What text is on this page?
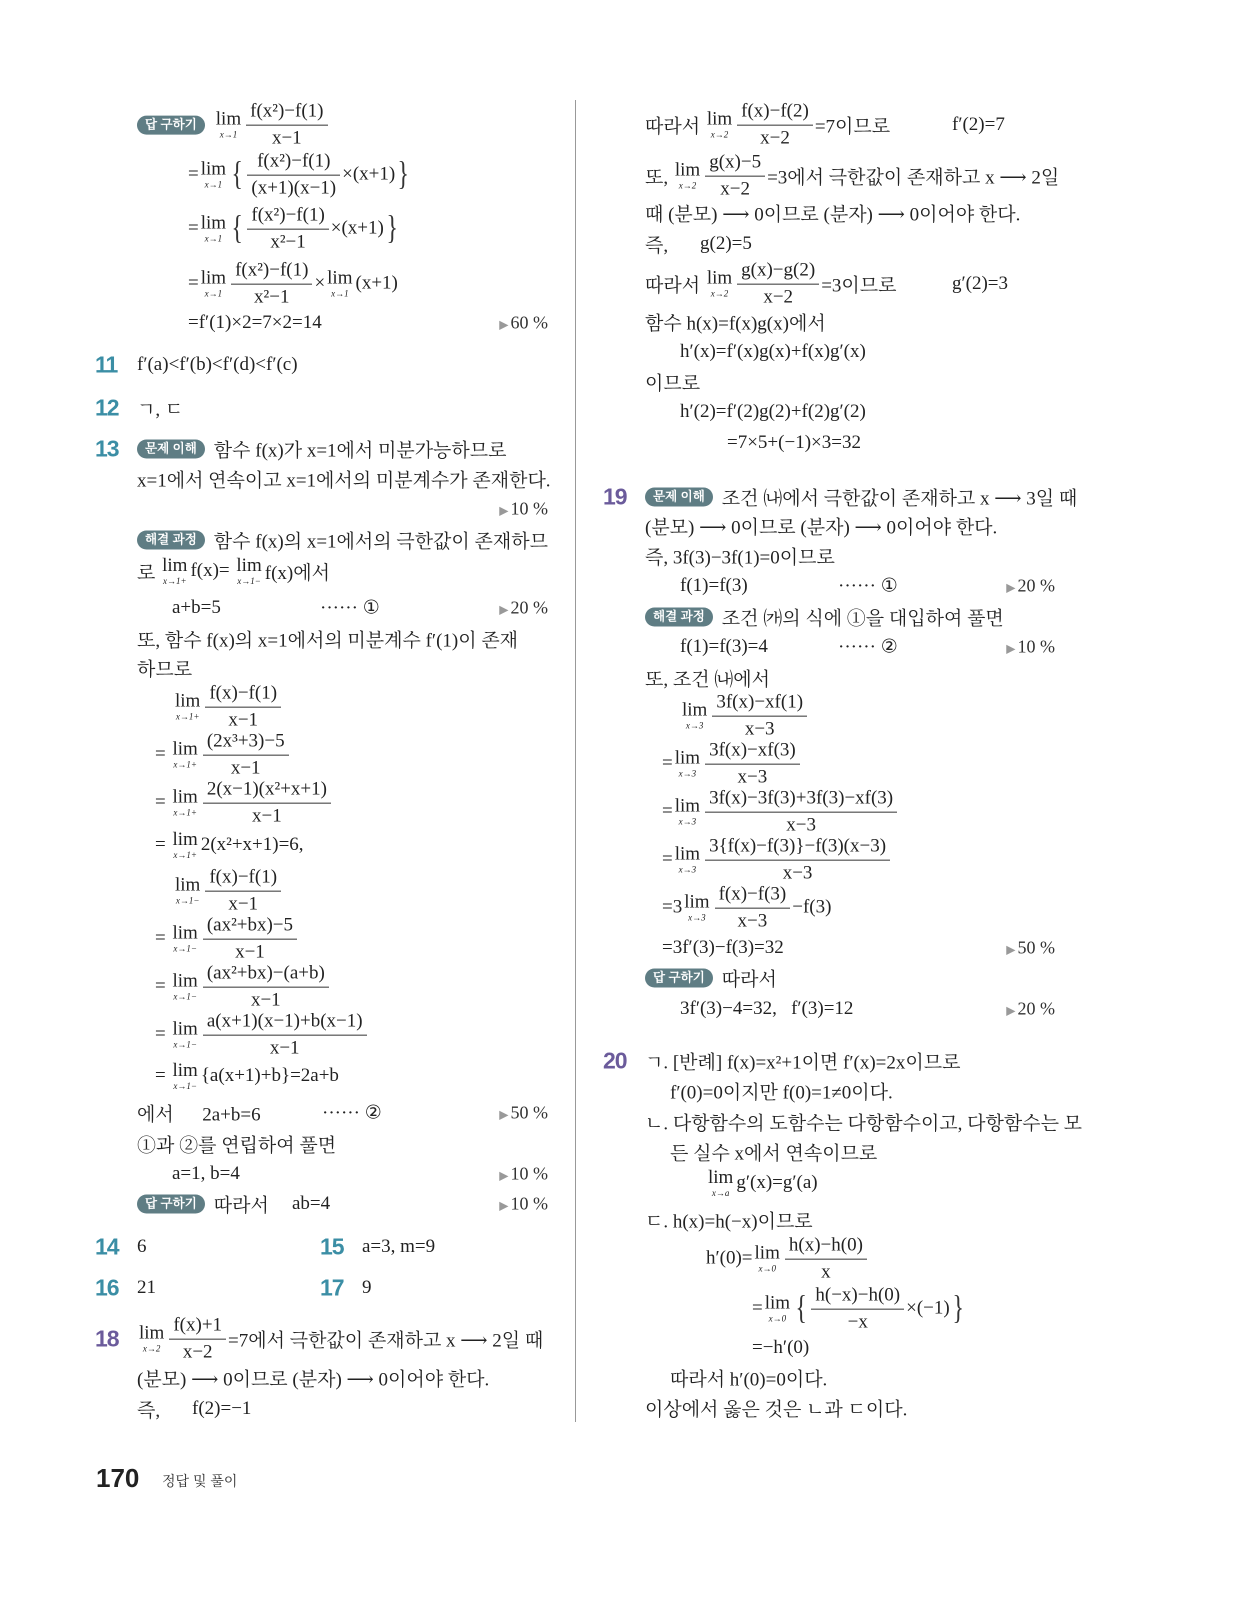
답 구하기	lim
$x\to 1 \frac{\text{f(x²)−f(1)}}{x-1}$
= lim
x→1 { $\frac{\text{f(x²)−f(1)}}{(x+1)(x-1)} \times(x+1)$ }
= lim
x→1 { $\frac{\text{f(x²)−f(1)}}{\text{x²−1}} \times(x+1)$ }
= lim
$x\to 1 \frac{\text{f(x²)−f(1)}}{\text{x²−1}} \times \lim$
x→1 (x+1)
=f′(1)×2=7×2=14	▶ 60 %
11 f′(a)<f′(b)<f′(d)<f′(c)
12 ㄱ, ㄷ
13	문제 이해 함수 f(x)가 x=1에서 미분가능하므로
x=1에서 연속이고 x=1에서의 미분계수가 존재한다.
▶ 10 %
해결 과정 함수 f(x)의 x=1에서의 극한값이 존재하므
로 lim
x→1+ f(x)= lim
x→1− f(x)에서
a+b=5	······ ①	▶ 20 %
또, 함수 f(x)의 x=1에서의 미분계수 f′(1)이 존재
하므로
lim
$x\to 1+ \frac{f(x)-f(1)}{x-1}$
= lim
$x\to 1+ \frac{\text{(2x³+3)−5}}{x-1}$
= lim
$x\to 1+ \frac{\text{2(x−1)(x²+x+1)}}{x-1}$
= lim
x→1+ 2(x²+x+1)=6,
lim
$x\to 1- \frac{f(x)-f(1)}{x-1}$
= lim
$x\to 1- \frac{\text{(ax²+bx)−5}}{x-1}$
= lim
$x\to 1- \frac{\text{(ax²+bx)−(a+b)}}{x-1}$
= lim
$x\to 1- \frac{a(x+1)(x-1)+b(x-1)}{x-1}$
= lim
x→1− {a(x+1)+b}=2a+b
에서      2a+b=6	······ ②	▶ 50 %
①과 ②를 연립하여 풀면
a=1, b=4	▶ 10 %
답 구하기 따라서 ab=4	▶ 10 %
14 6	15 a=3, m=9
16 21	17 9
18 lim
$x\to 2 \frac{f(x)+1}{x-2} =7$에서 극한값이 존재하고 x ⟶ 2일 때
(분모) ⟶ 0이므로 (분자) ⟶ 0이어야 한다.
즉, f(2)=−1
따라서 lim
$x\to 2 \frac{f(x)-f(2)}{x-2} =7$이므로	f′(2)=7
또, lim
$x\to 2 \frac{g(x)-5}{x-2} =3$에서 극한값이 존재하고 x ⟶ 2일
때 (분모) ⟶ 0이므로 (분자) ⟶ 0이어야 한다.
즉, g(2)=5
따라서 lim
$x\to 2 \frac{g(x)-g(2)}{x-2} =3$이므로	g′(2)=3
함수 h(x)=f(x)g(x)에서
h′(x)=f′(x)g(x)+f(x)g′(x)
이므로
h′(2)=f′(2)g(2)+f(2)g′(2)
=7×5+(−1)×3=32
19	문제 이해 조건 ㈏에서 극한값이 존재하고 x ⟶ 3일 때
(분모) ⟶ 0이므로 (분자) ⟶ 0이어야 한다.
즉, 3f(3)−3f(1)=0이므로
f(1)=f(3)	······ ①	▶ 20 %
해결 과정 조건 ㈎의 식에 ①을 대입하여 풀면
f(1)=f(3)=4	······ ②	▶ 10 %
또, 조건 ㈏에서
lim
$x\to 3 \frac{3f(x)-xf(1)}{x-3}$
= lim
$x\to 3 \frac{3f(x)-xf(3)}{x-3}$
= lim
$x\to 3 \frac{3f(x)-3f(3)+3f(3)-xf(3)}{x-3}$
= lim
$x\to 3 \frac{3\{f(x)-f(3)\}-f(3)(x-3)}{x-3}$
=3 lim
$x\to 3 \frac{f(x)-f(3)}{x-3} -f(3)$
=3f′(3)−f(3)=32	▶ 50 %
답 구하기 따라서
3f′(3)−4=32,   f′(3)=12	▶ 20 %
20 ㄱ. [반례] f(x)=x²+1이면 f′(x)=2x이므로
f′(0)=0이지만 f(0)=1≠0이다.
ㄴ. 다항함수의 도함수는 다항함수이고, 다항함수는 모
든 실수 x에서 연속이므로
lim
x→a g′(x)=g′(a)
ㄷ. h(x)=h(−x)이므로
h′(0)= lim
$x\to 0 \frac{h(x)-h(0)}{x}$
= lim
x→0 { $\frac{h(-x)-h(0)}{-x} \times(-1)$ }
=−h′(0)
따라서 h′(0)=0이다.
이상에서 옳은 것은 ㄴ과 ㄷ이다.
170 정답 및 풀이
